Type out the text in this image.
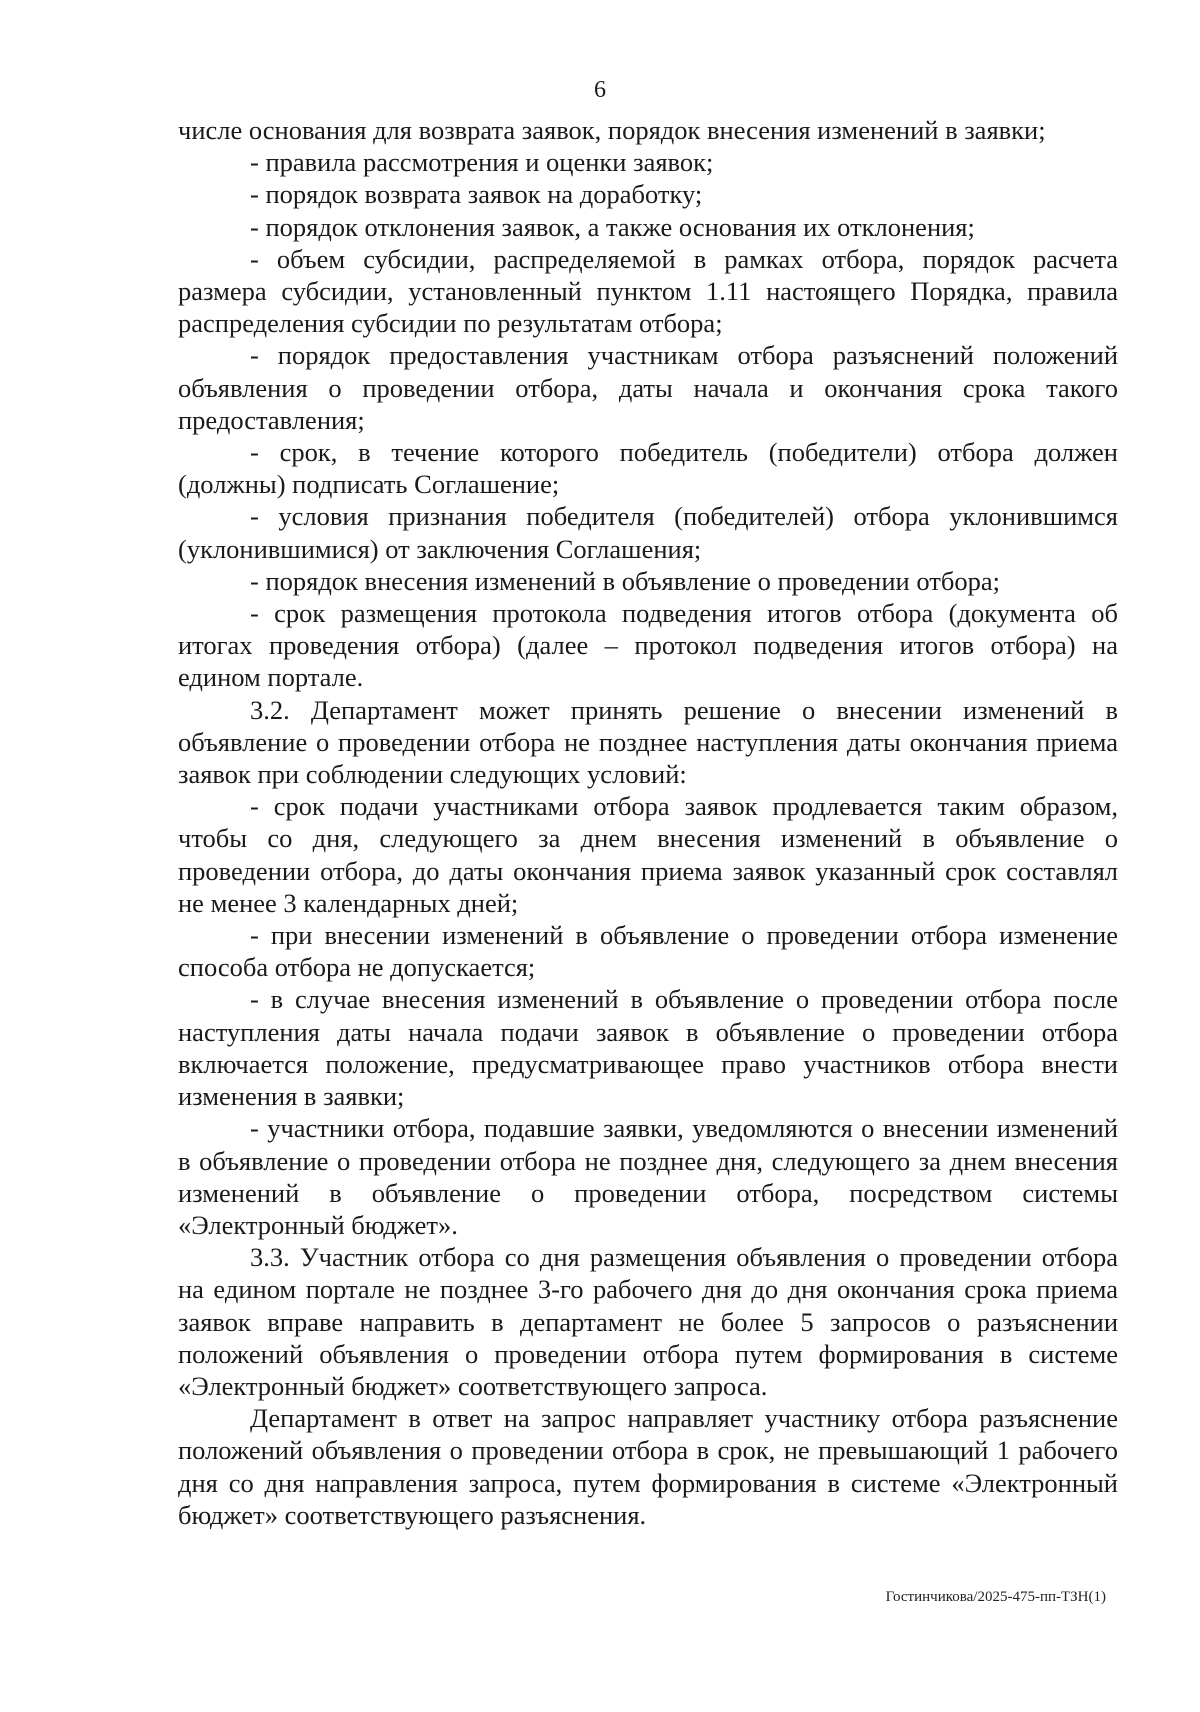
6

числе основания для возврата заявок, порядок внесения изменений в заявки;

- правила рассмотрения и оценки заявок;

- порядок возврата заявок на доработку;

- порядок отклонения заявок, а также основания их отклонения;

- объем субсидии, распределяемой в рамках отбора, порядок расчета размера субсидии, установленный пунктом 1.11 настоящего Порядка, правила распределения субсидии по результатам отбора;

- порядок предоставления участникам отбора разъяснений положений объявления о проведении отбора, даты начала и окончания срока такого предоставления;

- срок, в течение которого победитель (победители) отбора должен (должны) подписать Соглашение;

- условия признания победителя (победителей) отбора уклонившимся (уклонившимися) от заключения Соглашения;

- порядок внесения изменений в объявление о проведении отбора;

- срок размещения протокола подведения итогов отбора (документа об итогах проведения отбора) (далее – протокол подведения итогов отбора) на едином портале.

3.2. Департамент может принять решение о внесении изменений в объявление о проведении отбора не позднее наступления даты окончания приема заявок при соблюдении следующих условий:

- срок подачи участниками отбора заявок продлевается таким образом, чтобы со дня, следующего за днем внесения изменений в объявление о проведении отбора, до даты окончания приема заявок указанный срок составлял не менее 3 календарных дней;

- при внесении изменений в объявление о проведении отбора изменение способа отбора не допускается;

- в случае внесения изменений в объявление о проведении отбора после наступления даты начала подачи заявок в объявление о проведении отбора включается положение, предусматривающее право участников отбора внести изменения в заявки;

- участники отбора, подавшие заявки, уведомляются о внесении изменений в объявление о проведении отбора не позднее дня, следующего за днем внесения изменений в объявление о проведении отбора, посредством системы «Электронный бюджет».

3.3. Участник отбора со дня размещения объявления о проведении отбора на едином портале не позднее 3-го рабочего дня до дня окончания срока приема заявок вправе направить в департамент не более 5 запросов о разъяснении положений объявления о проведении отбора путем формирования в системе «Электронный бюджет» соответствующего запроса.

Департамент в ответ на запрос направляет участнику отбора разъяснение положений объявления о проведении отбора в срок, не превышающий 1 рабочего дня со дня направления запроса, путем формирования в системе «Электронный бюджет» соответствующего разъяснения.

Гостинчикова/2025-475-пп-ТЗН(1)
